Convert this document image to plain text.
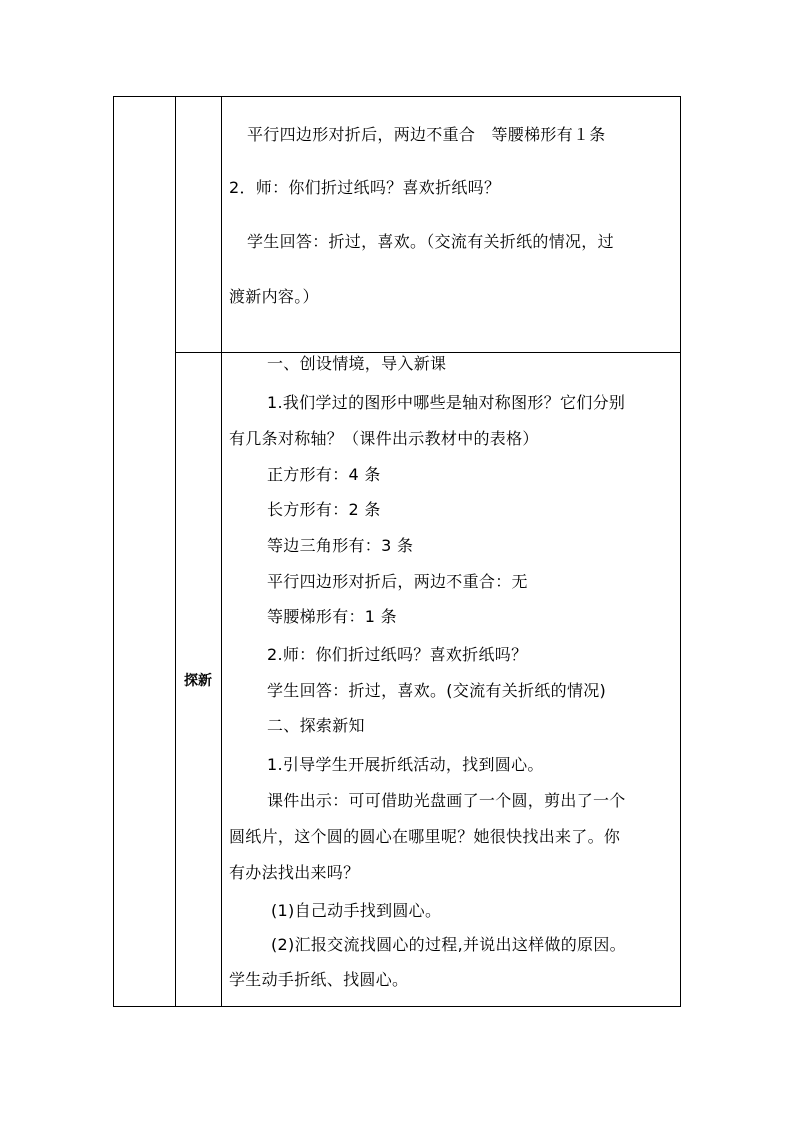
平行四边形对折后，两边不重合　等腰梯形有１条
2．师：你们折过纸吗？喜欢折纸吗？
学生回答：折过，喜欢。（交流有关折纸的情况，过
渡新内容。）
探新
一、创设情境，导入新课
1.我们学过的图形中哪些是轴对称图形？它们分别
有几条对称轴？（课件出示教材中的表格）
正方形有：4 条
长方形有：2 条
等边三角形有：3 条
平行四边形对折后，两边不重合：无
等腰梯形有：1 条
2.师：你们折过纸吗？喜欢折纸吗？
学生回答：折过，喜欢。(交流有关折纸的情况)
二、探索新知
1.引导学生开展折纸活动，找到圆心。
课件出示：可可借助光盘画了一个圆，剪出了一个
圆纸片，这个圆的圆心在哪里呢？她很快找出来了。你
有办法找出来吗？
(1)自己动手找到圆心。
(2)汇报交流找圆心的过程,并说出这样做的原因。
学生动手折纸、找圆心。
